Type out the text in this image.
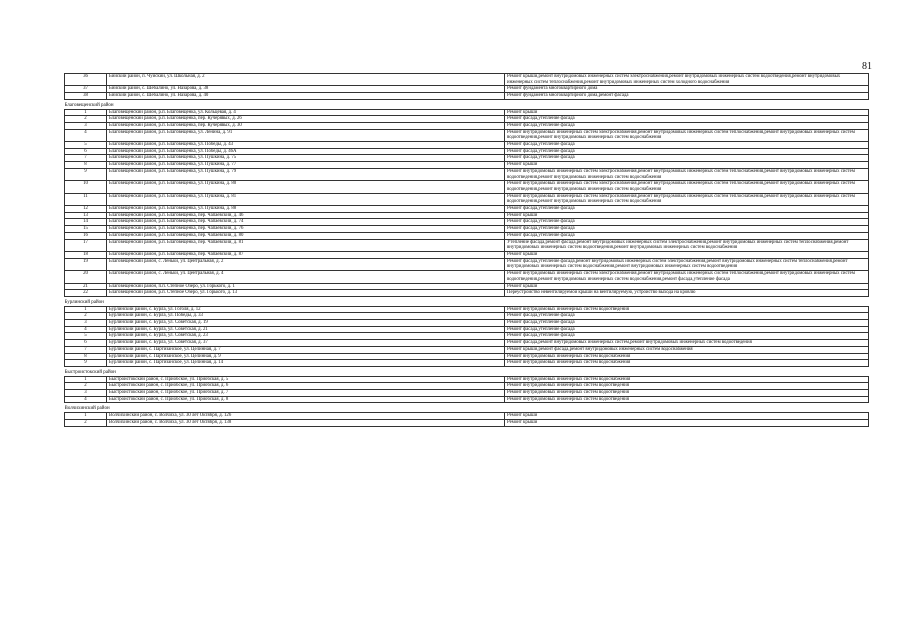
81
36	Бийский район, п. Чуйский, ул. Школьная, д. 2	Ремонт крыши,ремонт внутридомовых инженерных систем электроснабжения,ремонт внутридомовых инженерных систем водоотведения,ремонт внутридомовых инженерных систем теплоснабжения,ремонт внутридомовых инженерных систем холодного водоснабжения
37	Бийский район, с. Шебалино, ул. Назарова, д. 38	Ремонт фундамента многоквартирного дома
38	Бийский район, с. Шебалино, ул. Назарова, д. 40	Ремонт фундамента многоквартирного дома,ремонт фасада
Благовещенский район		
1	Благовещенский район, р.п. Благовещенка, ул. Кольцевая, д. 4	Ремонт крыши
2	Благовещенский район, р.п. Благовещенка, пер. Кучерявых, д. 26	Ремонт фасада,утепление фасада
3	Благовещенский район, р.п. Благовещенка, пер. Кучерявых, д. 30	Ремонт фасада,утепление фасада
4	Благовещенский район, р.п. Благовещенка, ул. Ленина, д. 91	Ремонт внутридомовых инженерных систем электроснабжения,ремонт внутридомовых инженерных систем теплоснабжения,ремонт внутридомовых инженерных систем водоотведения,ремонт внутридомовых инженерных систем водоснабжения
5	Благовещенский район, р.п. Благовещенка, ул. Победы, д. 43	Ремонт фасада,утепление фасада
6	Благовещенский район, р.п. Благовещенка, ул. Победы, д. 46А	Ремонт фасада,утепление фасада
7	Благовещенский район, р.п. Благовещенка, ул. Пушкина, д. 75	Ремонт фасада,утепление фасада
8	Благовещенский район, р.п. Благовещенка, ул. Пушкина, д. 77	Ремонт крыши
9	Благовещенский район, р.п. Благовещенка, ул. Пушкина, д. 79	Ремонт внутридомовых инженерных систем электроснабжения,ремонт внутридомовых инженерных систем теплоснабжения,ремонт внутридомовых инженерных систем водоотведения,ремонт внутридомовых инженерных систем водоснабжения
10	Благовещенский район, р.п. Благовещенка, ул. Пушкина, д. 80	Ремонт внутридомовых инженерных систем электроснабжения,ремонт внутридомовых инженерных систем теплоснабжения,ремонт внутридомовых инженерных систем водоотведения,ремонт внутридомовых инженерных систем водоснабжения
11	Благовещенский район, р.п. Благовещенка, ул. Пушкина, д. 81	Ремонт внутридомовых инженерных систем электроснабжения,ремонт внутридомовых инженерных систем теплоснабжения,ремонт внутридомовых инженерных систем водоотведения,ремонт внутридомовых инженерных систем водоснабжения
12	Благовещенский район, р.п. Благовещенка, ул. Пушкина, д. 88	Ремонт фасада,утепление фасада
13	Благовещенский район, р.п. Благовещенка, пер. Чапаевский, д. 46	Ремонт крыши
14	Благовещенский район, р.п. Благовещенка, пер. Чапаевский, д. 74	Ремонт фасада,утепление фасада
15	Благовещенский район, р.п. Благовещенка, пер. Чапаевский, д. 76	Ремонт фасада,утепление фасада
16	Благовещенский район, р.п. Благовещенка, пер. Чапаевский, д. 80	Ремонт фасада,утепление фасада
17	Благовещенский район, р.п. Благовещенка, пер. Чапаевский, д. 81	Утепление фасада,ремонт фасада,ремонт внутридомовых инженерных систем электроснабжения,ремонт внутридомовых инженерных систем теплоснабжения,ремонт внутридомовых инженерных систем водоотведения,ремонт внутридомовых инженерных систем водоснабжения
18	Благовещенский район, р.п. Благовещенка, пер. Чапаевский, д. 87	Ремонт крыши
19	Благовещенский район, с. Леньки, ул. Центральная, д. 2	Ремонт фасада,утепление фасада,ремонт внутридомовых инженерных систем электроснабжения,ремонт внутридомовых инженерных систем теплоснабжения,ремонт внутридомовых инженерных систем водоснабжения,ремонт внутридомовых инженерных систем водоотведения
20	Благовещенский район, с. Леньки, ул. Центральная, д. 4	Ремонт внутридомовых инженерных систем электроснабжения,ремонт внутридомовых инженерных систем теплоснабжения,ремонт внутридомовых инженерных систем водоотведения,ремонт внутридомовых инженерных систем водоснабжения,ремонт фасада,утепление фасада
21	Благовещенский район, п.п. Степное Озеро, ул. Горького, д. 1	Ремонт крыши
22	Благовещенский район, р.п. Степное Озеро, ул. Горького, д. 13	Переустройство невентилируемой крыши на вентилируемую, устройство выхода на кровлю
Бурлинский район		
1	Бурлинский район, с. Бурла, ул. Гоголя, д. 12	Ремонт внутридомовых инженерных систем водоотведения
2	Бурлинский район, с. Бурла, ул. Победы, д. 33	Ремонт фасада,утепление фасада
3	Бурлинский район, с. Бурла, ул. Советская, д. 19	Ремонт фасада,утепление фасада
4	Бурлинский район, с. Бурла, ул. Советская, д. 21	Ремонт фасада,утепление фасада
5	Бурлинский район, с. Бурла, ул. Советская, д. 23	Ремонт фасада,утепление фасада
6	Бурлинский район, с. Бурла, ул. Советская, д. 37	Ремонт фасада,ремонт внутридомовых инженерных систем,ремонт внутридомовых инженерных систем водоотведения
7	Бурлинский район, с. Партизанское, ул. Целинная, д. 7	Ремонт крыши,ремонт фасада,ремонт внутридомовых инженерных систем водоснабжения
8	Бурлинский район, с. Партизанское, ул. Целинная, д. 9	Ремонт внутридомовых инженерных систем водоснабжения
9	Бурлинский район, с. Партизанское, ул. Целинная, д. 14	Ремонт внутридомовых инженерных систем водоснабжения
Быстроистокский район		
1	Быстроистокский район, с. Приобское, ул. Приобская, д. 5	Ремонт внутридомовых инженерных систем водоснабжения
2	Быстроистокский район, с. Приобское, ул. Приобская, д. 6	Ремонт внутридомовых инженерных систем водоотведения
3	Быстроистокский район, с. Приобское, ул. Приобская, д. 7	Ремонт внутридомовых инженерных систем водоотведения
4	Быстроистокский район, с. Приобское, ул. Приобская, д. 8	Ремонт внутридомовых инженерных систем водоотведения
Волчихинский район		
1	Волчихинский район, с. Волчиха, ул. 30 лет Октября, д. 126	Ремонт крыши
2	Волчихинский район, с. Волчиха, ул. 30 лет Октября, д. 138	Ремонт крыши
